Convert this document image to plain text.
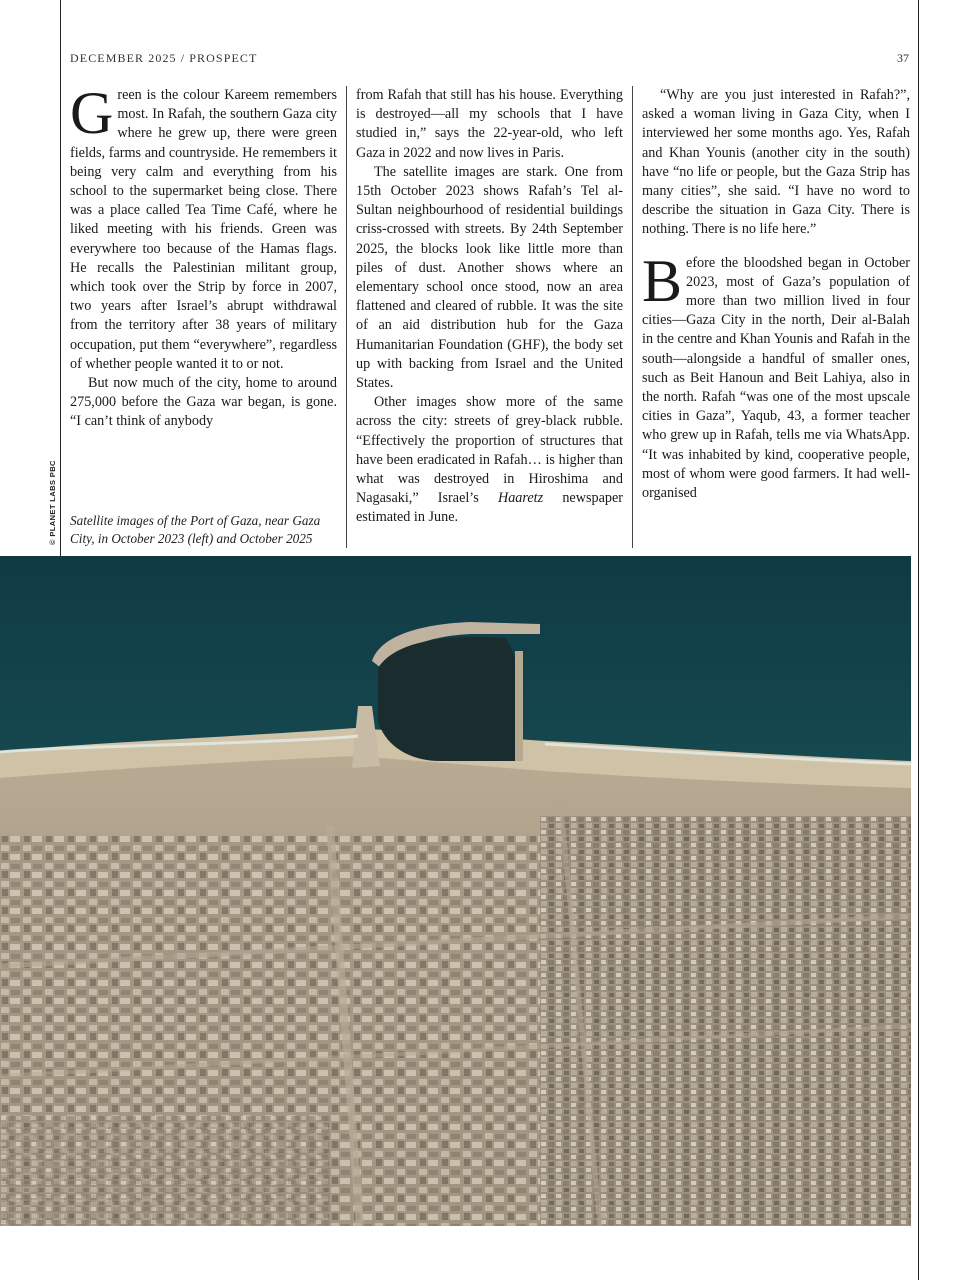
DECEMBER 2025 / PROSPECT	37
© PLANET LABS PBC

Green is the colour Kareem remembers most. In Rafah, the southern Gaza city where he grew up, there were green fields, farms and countryside. He remembers it being very calm and everything from his school to the supermarket being close. There was a place called Tea Time Café, where he liked meeting with his friends. Green was everywhere too because of the Hamas flags. He recalls the Palestinian militant group, which took over the Strip by force in 2007, two years after Israel’s abrupt withdrawal from the territory after 38 years of military occupation, put them “everywhere”, regardless of whether people wanted it to or not.

But now much of the city, home to around 275,000 before the Gaza war began, is gone. “I can’t think of anybody

from Rafah that still has his house. Everything is destroyed—all my schools that I have studied in,” says the 22-year-old, who left Gaza in 2022 and now lives in Paris.

The satellite images are stark. One from 15th October 2023 shows Rafah’s Tel al-Sultan neighbourhood of residential buildings criss-crossed with streets. By 24th September 2025, the blocks look like little more than piles of dust. Another shows where an elementary school once stood, now an area flattened and cleared of rubble. It was the site of an aid distribution hub for the Gaza Humanitarian Foundation (GHF), the body set up with backing from Israel and the United States.

Other images show more of the same across the city: streets of grey-black rubble. “Effectively the proportion of structures that have been eradicated in Rafah… is higher than what was destroyed in Hiroshima and Nagasaki,” Israel’s Haaretz newspaper estimated in June.

“Why are you just interested in Rafah?”, asked a woman living in Gaza City, when I interviewed her some months ago. Yes, Rafah and Khan Younis (another city in the south) have “no life or people, but the Gaza Strip has many cities”, she said. “I have no word to describe the situation in Gaza City. There is nothing. There is no life here.”

Before the bloodshed began in October 2023, most of Gaza’s population of more than two million lived in four cities—Gaza City in the north, Deir al-Balah in the centre and Khan Younis and Rafah in the south—alongside a handful of smaller ones, such as Beit Hanoun and Beit Lahiya, also in the north. Rafah “was one of the most upscale cities in Gaza”, Yaqub, 43, a former teacher who grew up in Rafah, tells me via WhatsApp. “It was inhabited by kind, cooperative people, most of whom were good farmers. It had well-organised

Satellite images of the Port of Gaza, near Gaza City, in October 2023 (left) and October 2025
